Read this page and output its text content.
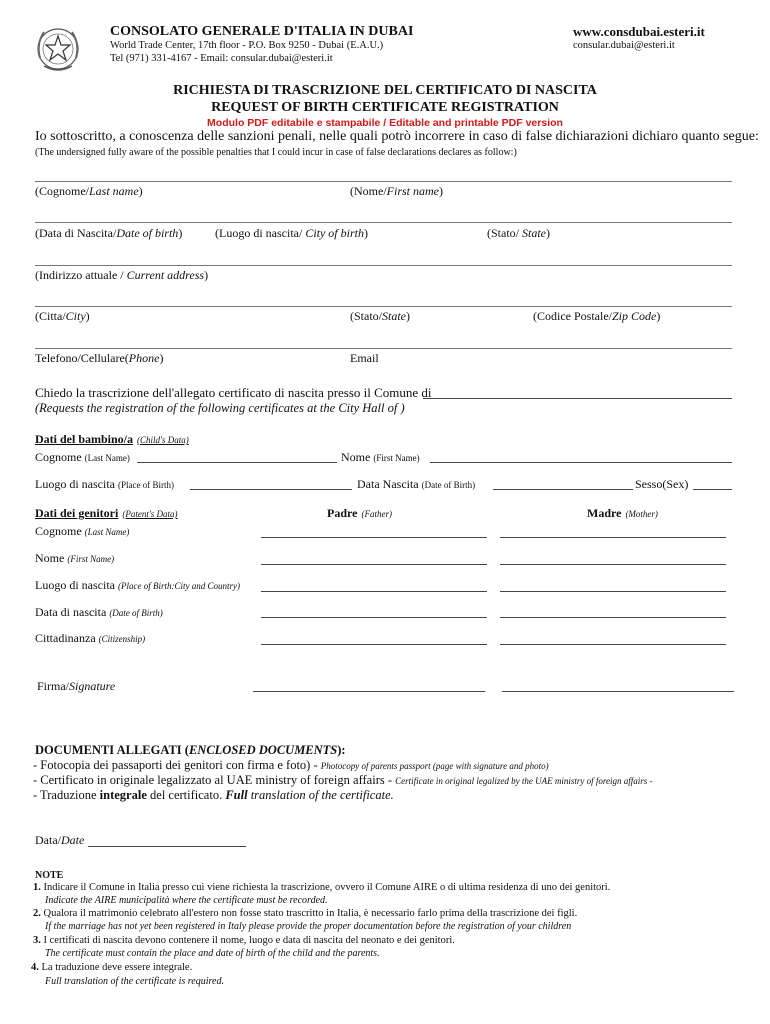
CONSOLATO GENERALE D'ITALIA IN DUBAI
World Trade Center, 17th floor - P.O. Box 9250 - Dubai (E.A.U.)
Tel (971) 331-4167 - Email: consular.dubai@esteri.it
www.consdubai.esteri.it
consular.dubai@esteri.it
RICHIESTA DI TRASCRIZIONE DEL CERTIFICATO DI NASCITA
REQUEST OF BIRTH CERTIFICATE REGISTRATION
Modulo PDF editabile e stampabile / Editable and printable PDF version
Io sottoscritto, a conoscenza delle sanzioni penali, nelle quali potrò incorrere in caso di false dichiarazioni dichiaro quanto segue:
(The undersigned fully aware of the possible penalties that I could incur in case of false declarations declares as follow:)
(Cognome/Last name)	(Nome/First name)
(Data di Nascita/Date of birth)	(Luogo di nascita/ City of birth)	(Stato/ State)
(Indirizzo attuale / Current address)
(Citta/City)	(Stato/State)	(Codice Postale/Zip Code)
Telefono/Cellulare(Phone)	Email
Chiedo la trascrizione dell'allegato certificato di nascita presso il Comune di
(Requests the registration of the following certificates at the City Hall of )
Dati del bambino/a (Child's Data)
Cognome (Last Name)	Nome (First Name)
Luogo di nascita (Place of Birth)	Data Nascita (Date of Birth)	Sesso(Sex)
Dati dei genitori (Patent's Data)	Padre (Father)	Madre (Mother)
Cognome (Last Name)
Nome (First Name)
Luogo di nascita (Place of Birth:City and Country)
Data di nascita (Date of Birth)
Cittadinanza (Citizenship)
Firma/Signature
DOCUMENTI ALLEGATI (ENCLOSED DOCUMENTS):
- Fotocopia dei passaporti dei genitori con firma e foto) - Photocopy of parents passport (page with signature and photo)
- Certificato in originale legalizzato al UAE ministry of foreign affairs - Certificate in original legalized by the UAE ministry of foreign affairs -
- Traduzione integrale del certificato. Full translation of the certificate.
Data/Date
NOTE
1. Indicare il Comune in Italia presso cui viene richiesta la trascrizione, ovvero il Comune AIRE o di ultima residenza di uno dei genitori.
Indicate the AIRE municipalità where the certificate must be recorded.
2. Qualora il matrimonio celebrato all'estero non fosse stato trascritto in Italia, è necessario farlo prima della trascrizione dei figli.
If the marriage has not yet been registered in Italy please provide the proper documentation before the registration of your children
3. I certificati di nascita devono contenere il nome, luogo e data di nascita del neonato e dei genitori.
The certificate must contain the place and date of birth of the child and the parents.
4. La traduzione deve essere integrale.
Full translation of the certificate is required.
